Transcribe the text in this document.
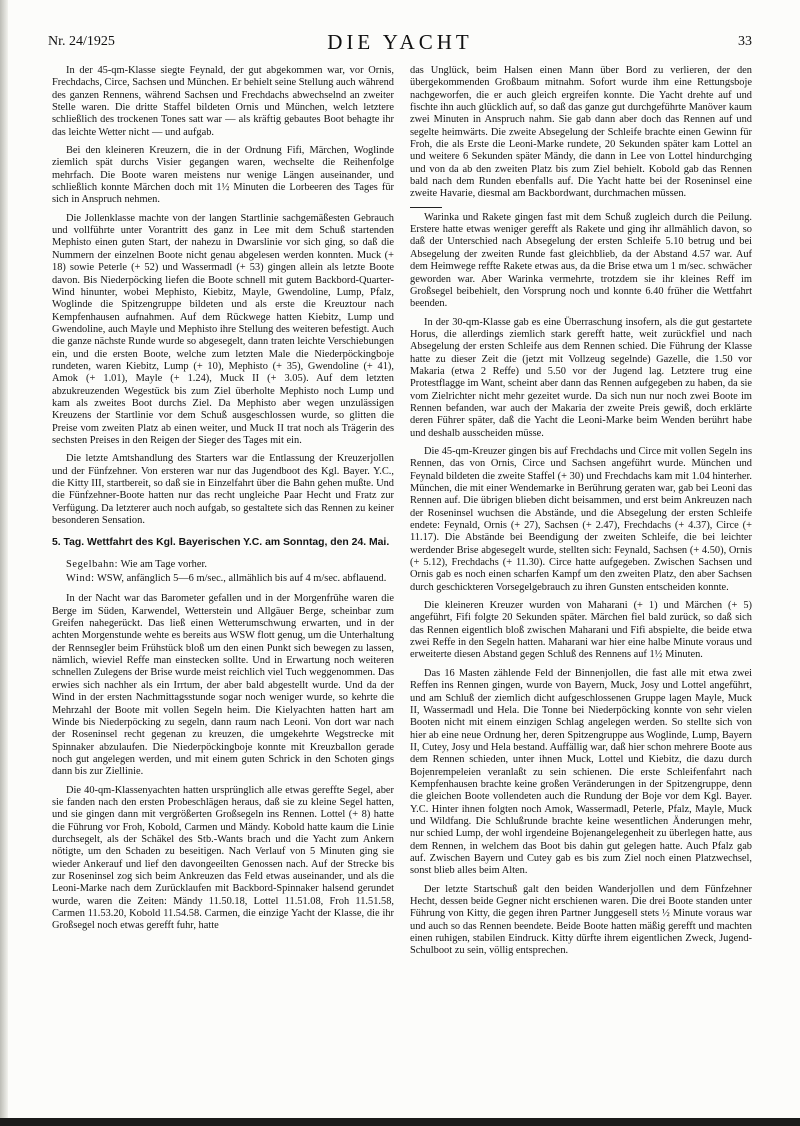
Nr. 24/1925	DIE YACHT	33

In der 45-qm-Klasse siegte Feynald, der gut abgekommen war, vor Ornis, Frechdachs, Circe, Sachsen und München. Er behielt seine Stellung auch während des ganzen Rennens, während Sachsen und Frechdachs abwechselnd an zweiter Stelle waren. Die dritte Staffel bildeten Ornis und München, welch letztere schließlich des trockenen Tones satt war — als kräftig gebautes Boot behagte ihr das leichte Wetter nicht — und aufgab.

Bei den kleineren Kreuzern, die in der Ordnung Fifi, Märchen, Woglinde ziemlich spät durchs Visier gegangen waren, wechselte die Reihenfolge mehrfach. Die Boote waren meistens nur wenige Längen auseinander, und schließlich konnte Märchen doch mit 1½ Minuten die Lorbeeren des Tages für sich in Anspruch nehmen.

Die Jollenklasse machte von der langen Startlinie sachgemäßesten Gebrauch und vollführte unter Vorantritt des ganz in Lee mit dem Schuß startenden Mephisto einen guten Start, der nahezu in Dwarslinie vor sich ging, so daß die Nummern der einzelnen Boote nicht genau abgelesen werden konnten. Muck (+ 18) sowie Peterle (+ 52) und Wassermadl (+ 53) gingen allein als letzte Boote davon. Bis Niederpöcking liefen die Boote schnell mit gutem Backbord-Quarter-Wind hinunter, wobei Mephisto, Kiebitz, Mayle, Gwendoline, Lump, Pfalz, Woglinde die Spitzengruppe bildeten und als erste die Kreuztour nach Kempfenhausen aufnahmen. Auf dem Rückwege hatten Kiebitz, Lump und Gwendoline, auch Mayle und Mephisto ihre Stellung des weiteren befestigt. Auch die ganze nächste Runde wurde so abgesegelt, dann traten leichte Verschiebungen ein, und die ersten Boote, welche zum letzten Male die Niederpöckingboje rundeten, waren Kiebitz, Lump (+ 10), Mephisto (+ 35), Gwendoline (+ 41), Amok (+ 1.01), Mayle (+ 1.24), Muck II (+ 3.05). Auf dem letzten abzukreuzenden Wegestück bis zum Ziel überholte Mephisto noch Lump und kam als zweites Boot durchs Ziel. Da Mephisto aber wegen unzulässigen Kreuzens der Startlinie vor dem Schuß ausgeschlossen wurde, so glitten die Preise vom zweiten Platz ab einen weiter, und Muck II trat noch als Trägerin des sechsten Preises in den Reigen der Sieger des Tages mit ein.

Die letzte Amtshandlung des Starters war die Entlassung der Kreuzerjollen und der Fünfzehner. Von ersteren war nur das Jugendboot des Kgl. Bayer. Y.C., die Kitty III, startbereit, so daß sie in Einzelfahrt über die Bahn gehen mußte. Und die Fünfzehner-Boote hatten nur das recht ungleiche Paar Hecht und Fratz zur Verfügung. Da letzterer auch noch aufgab, so gestaltete sich das Rennen zu keiner besonderen Sensation.

5. Tag. Wettfahrt des Kgl. Bayerischen Y.C. am Sonntag, den 24. Mai.

Segelbahn: Wie am Tage vorher.

Wind: WSW, anfänglich 5—6 m/sec., allmählich bis auf 4 m/sec. abflauend.

In der Nacht war das Barometer gefallen und in der Morgenfrühe waren die Berge im Süden, Karwendel, Wetterstein und Allgäuer Berge, scheinbar zum Greifen nahegerückt. Das ließ einen Wetterumschwung erwarten, und in der achten Morgenstunde wehte es bereits aus WSW flott genug, um die Unterhaltung der Rennsegler beim Frühstück bloß um den einen Punkt sich bewegen zu lassen, nämlich, wieviel Reffe man einstecken sollte. Und in Erwartung noch weiteren schnellen Zulegens der Brise wurde meist reichlich viel Tuch weggenommen. Das erwies sich nachher als ein Irrtum, der aber bald abgestellt wurde. Und da der Wind in der ersten Nachmittagsstunde sogar noch weniger wurde, so kehrte die Mehrzahl der Boote mit vollen Segeln heim. Die Kielyachten hatten hart am Winde bis Niederpöcking zu segeln, dann raum nach Leoni. Von dort war nach der Roseninsel recht gegenan zu kreuzen, die umgekehrte Wegstrecke mit Spinnaker abzulaufen. Die Niederpöckingboje konnte mit Kreuzballon gerade noch gut angelegen werden, und mit einem guten Schrick in den Schoten gings dann bis zur Ziellinie.

Die 40-qm-Klassenyachten hatten ursprünglich alle etwas gereffte Segel, aber sie fanden nach den ersten Probeschlägen heraus, daß sie zu kleine Segel hatten, und sie gingen dann mit vergrößerten Großsegeln ins Rennen. Lottel (+ 8) hatte die Führung vor Froh, Kobold, Carmen und Mändy. Kobold hatte kaum die Linie durchsegelt, als der Schäkel des Stb.-Wants brach und die Yacht zum Ankern nötigte, um den Schaden zu beseitigen. Nach Verlauf von 5 Minuten ging sie wieder Ankerauf und lief den davongeeilten Genossen nach. Auf der Strecke bis zur Roseninsel zog sich beim Ankreuzen das Feld etwas auseinander, und als die Leoni-Marke nach dem Zurücklaufen mit Backbord-Spinnaker halsend gerundet wurde, waren die Zeiten: Mändy 11.50.18, Lottel 11.51.08, Froh 11.51.58, Carmen 11.53.20, Kobold 11.54.58. Carmen, die einzige Yacht der Klasse, die ihr Großsegel noch etwas gerefft fuhr, hatte

das Unglück, beim Halsen einen Mann über Bord zu verlieren, der den übergekommenden Großbaum mitnahm. Sofort wurde ihm eine Rettungsboje nachgeworfen, die er auch gleich ergreifen konnte. Die Yacht drehte auf und fischte ihn auch glücklich auf, so daß das ganze gut durchgeführte Manöver kaum zwei Minuten in Anspruch nahm. Sie gab dann aber doch das Rennen auf und segelte heimwärts. Die zweite Absegelung der Schleife brachte einen Gewinn für Froh, die als Erste die Leoni-Marke rundete, 20 Sekunden später kam Lottel an und weitere 6 Sekunden später Mändy, die dann in Lee von Lottel hindurchging und von da ab den zweiten Platz bis zum Ziel behielt. Kobold gab das Rennen bald nach dem Runden ebenfalls auf. Die Yacht hatte bei der Roseninsel eine zweite Havarie, diesmal am Backbordwant, durchmachen müssen.

Warinka und Rakete gingen fast mit dem Schuß zugleich durch die Peilung. Erstere hatte etwas weniger gerefft als Rakete und ging ihr allmählich davon, so daß der Unterschied nach Absegelung der ersten Schleife 5.10 betrug und bei Absegelung der zweiten Runde fast gleichblieb, da der Abstand 4.57 war. Auf dem Heimwege reffte Rakete etwas aus, da die Brise etwa um 1 m/sec. schwächer geworden war. Aber Warinka vermehrte, trotzdem sie ihr kleines Reff im Großsegel beibehielt, den Vorsprung noch und konnte 6.40 früher die Wettfahrt beenden.

In der 30-qm-Klasse gab es eine Überraschung insofern, als die gut gestartete Horus, die allerdings ziemlich stark gerefft hatte, weit zurückfiel und nach Absegelung der ersten Schleife aus dem Rennen schied. Die Führung der Klasse hatte zu dieser Zeit die (jetzt mit Vollzeug segelnde) Gazelle, die 1.50 vor Makaria (etwa 2 Reffe) und 5.50 vor der Jugend lag. Letztere trug eine Protestflagge im Want, scheint aber dann das Rennen aufgegeben zu haben, da sie vom Zielrichter nicht mehr gezeitet wurde. Da sich nun nur noch zwei Boote im Rennen befanden, war auch der Makaria der zweite Preis gewiß, doch erklärte deren Führer später, daß die Yacht die Leoni-Marke beim Wenden berührt habe und deshalb ausscheiden müsse.

Die 45-qm-Kreuzer gingen bis auf Frechdachs und Circe mit vollen Segeln ins Rennen, das von Ornis, Circe und Sachsen angeführt wurde. München und Feynald bildeten die zweite Staffel (+ 30) und Frechdachs kam mit 1.04 hinterher. München, die mit einer Wendemarke in Berührung geraten war, gab bei Leoni das Rennen auf. Die übrigen blieben dicht beisammen, und erst beim Ankreuzen nach der Roseninsel wuchsen die Abstände, und die Absegelung der ersten Schleife endete: Feynald, Ornis (+ 27), Sachsen (+ 2.47), Frechdachs (+ 4.37), Circe (+ 11.17). Die Abstände bei Beendigung der zweiten Schleife, die bei leichter werdender Brise abgesegelt wurde, stellten sich: Feynald, Sachsen (+ 4.50), Ornis (+ 5.12), Frechdachs (+ 11.30). Circe hatte aufgegeben. Zwischen Sachsen und Ornis gab es noch einen scharfen Kampf um den zweiten Platz, den aber Sachsen durch geschickteren Vorsegelgebrauch zu ihren Gunsten entscheiden konnte.

Die kleineren Kreuzer wurden von Maharani (+ 1) und Märchen (+ 5) angeführt, Fifi folgte 20 Sekunden später. Märchen fiel bald zurück, so daß sich das Rennen eigentlich bloß zwischen Maharani und Fifi abspielte, die beide etwa zwei Reffe in den Segeln hatten. Maharani war hier eine halbe Minute voraus und erweiterte diesen Abstand gegen Schluß des Rennens auf 1½ Minuten.

Das 16 Masten zählende Feld der Binnenjollen, die fast alle mit etwa zwei Reffen ins Rennen gingen, wurde von Bayern, Muck, Josy und Lottel angeführt, und am Schluß der ziemlich dicht aufgeschlossenen Gruppe lagen Mayle, Muck II, Wassermadl und Hela. Die Tonne bei Niederpöcking konnte von sehr vielen Booten nicht mit einem einzigen Schlag angelegen werden. So stellte sich von hier ab eine neue Ordnung her, deren Spitzengruppe aus Woglinde, Lump, Bayern II, Cutey, Josy und Hela bestand. Auffällig war, daß hier schon mehrere Boote aus dem Rennen schieden, unter ihnen Muck, Lottel und Kiebitz, die dazu durch Bojenrempeleien veranlaßt zu sein schienen. Die erste Schleifenfahrt nach Kempfenhausen brachte keine großen Veränderungen in der Spitzengruppe, denn die gleichen Boote vollendeten auch die Rundung der Boje vor dem Kgl. Bayer. Y.C. Hinter ihnen folgten noch Amok, Wassermadl, Peterle, Pfalz, Mayle, Muck und Wildfang. Die Schlußrunde brachte keine wesentlichen Änderungen mehr, nur schied Lump, der wohl irgendeine Bojenangelegenheit zu überlegen hatte, aus dem Rennen, in welchem das Boot bis dahin gut gelegen hatte. Auch Pfalz gab auf. Zwischen Bayern und Cutey gab es bis zum Ziel noch einen Platzwechsel, sonst blieb alles beim Alten.

Der letzte Startschuß galt den beiden Wanderjollen und dem Fünfzehner Hecht, dessen beide Gegner nicht erschienen waren. Die drei Boote standen unter Führung von Kitty, die gegen ihren Partner Junggesell stets ½ Minute voraus war und auch so das Rennen beendete. Beide Boote hatten mäßig gerefft und machten einen ruhigen, stabilen Eindruck. Kitty dürfte ihrem eigentlichen Zweck, Jugend-Schulboot zu sein, völlig entsprechen.
